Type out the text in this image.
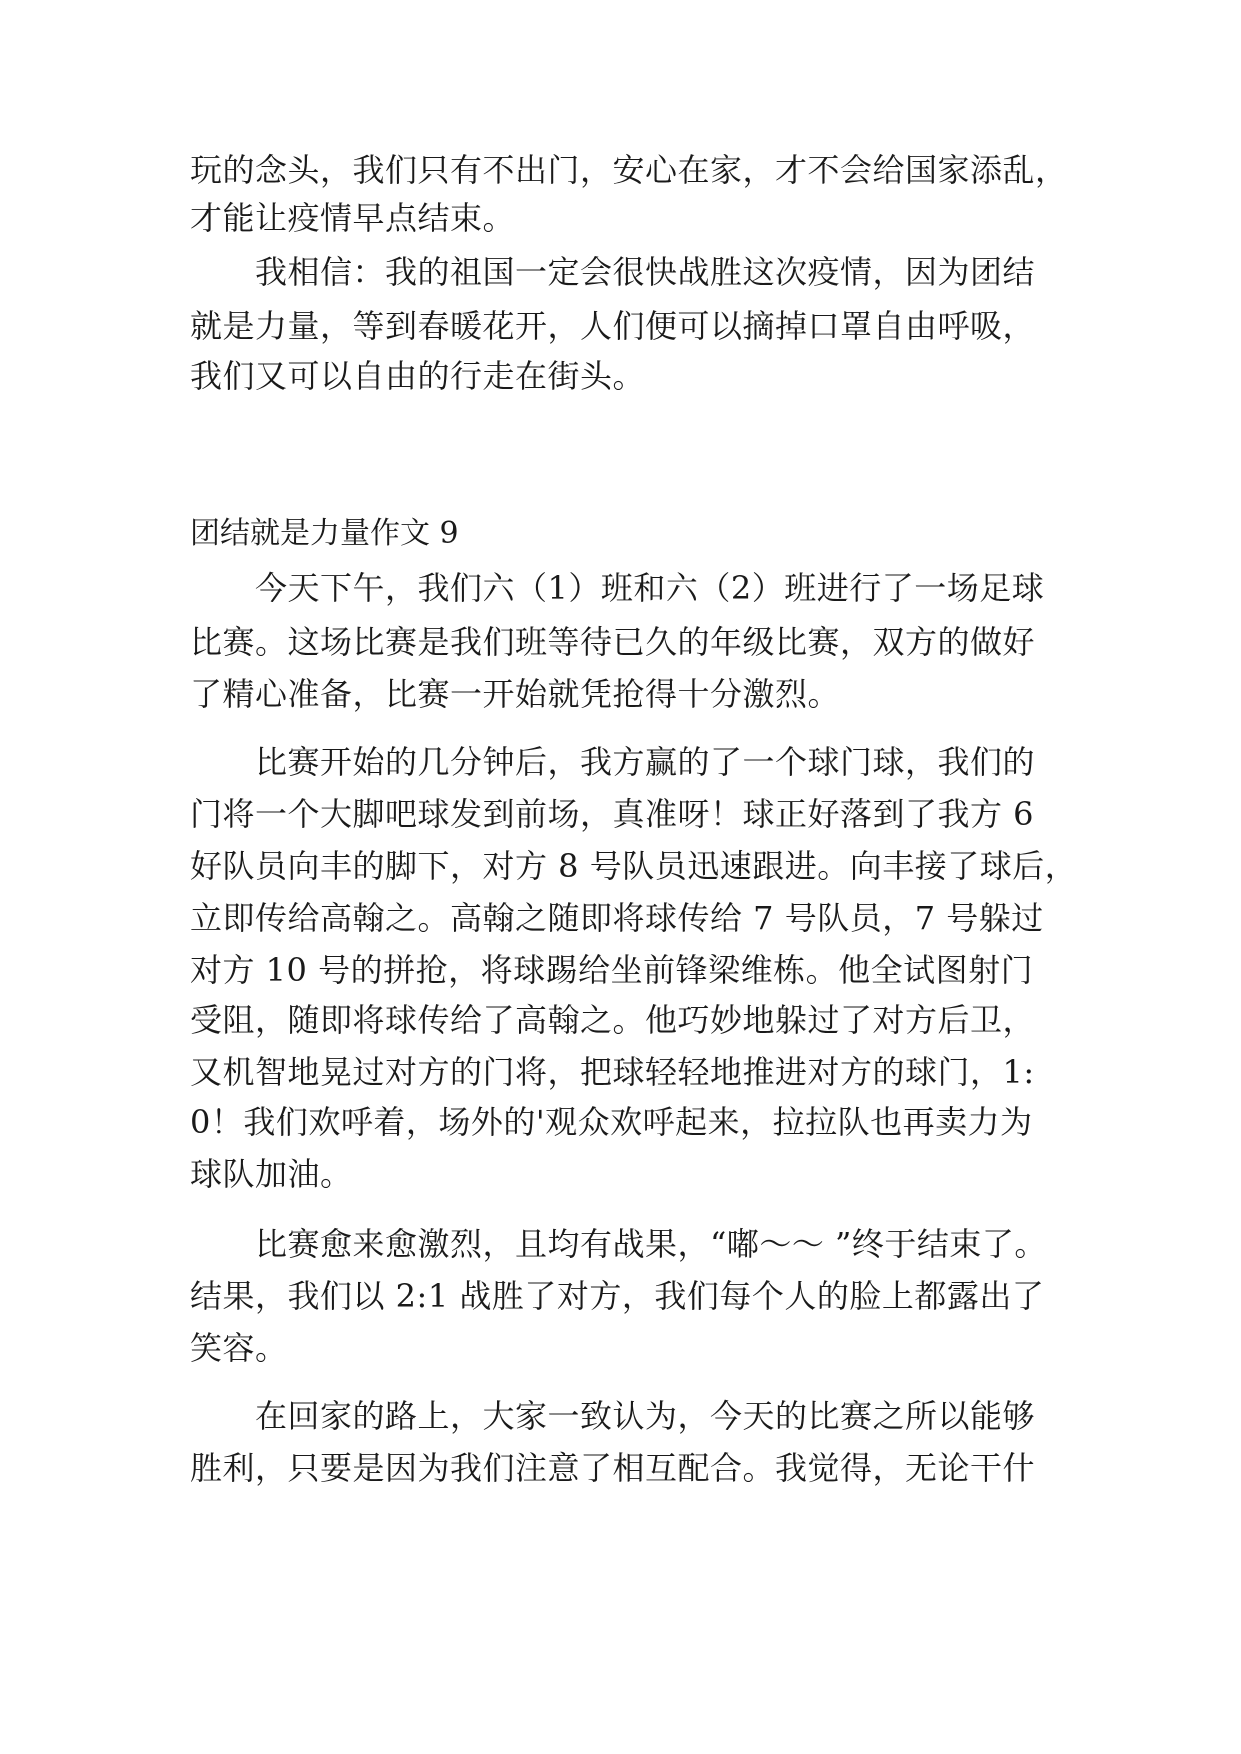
玩的念头，我们只有不出门，安心在家，才不会给国家添乱，
才能让疫情早点结束。
　　我相信：我的祖国一定会很快战胜这次疫情，因为团结
就是力量，等到春暖花开，人们便可以摘掉口罩自由呼吸，
我们又可以自由的行走在街头。
团结就是力量作文 9
　　今天下午，我们六（1）班和六（2）班进行了一场足球
比赛。这场比赛是我们班等待已久的年级比赛，双方的做好
了精心准备，比赛一开始就凭抢得十分激烈。
　　比赛开始的几分钟后，我方赢的了一个球门球，我们的
门将一个大脚吧球发到前场，真准呀！球正好落到了我方 6
好队员向丰的脚下，对方 8 号队员迅速跟进。向丰接了球后，
立即传给高翰之。高翰之随即将球传给 7 号队员，7 号躲过
对方 10 号的拼抢，将球踢给坐前锋梁维栋。他全试图射门
受阻，随即将球传给了高翰之。他巧妙地躲过了对方后卫，
又机智地晃过对方的门将，把球轻轻地推进对方的球门，1:
0！我们欢呼着，场外的'观众欢呼起来，拉拉队也再卖力为
球队加油。
　　比赛愈来愈激烈，且均有战果，“嘟～～ ”终于结束了。
结果，我们以 2:1 战胜了对方，我们每个人的脸上都露出了
笑容。
　　在回家的路上，大家一致认为，今天的比赛之所以能够
胜利，只要是因为我们注意了相互配合。我觉得，无论干什
